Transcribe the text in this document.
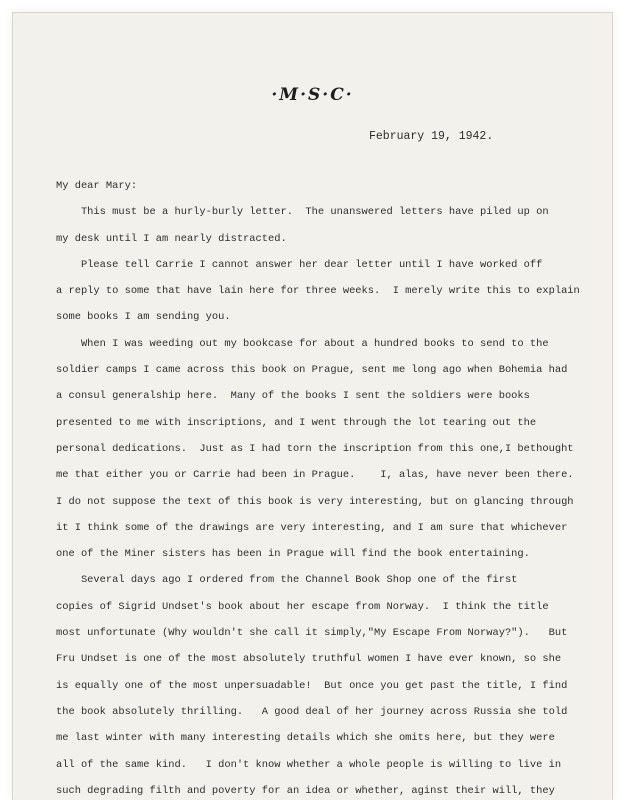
·M·S·C·
February 19, 1942.
My dear Mary:
This must be a hurly-burly letter.  The unanswered letters have piled up on
my desk until I am nearly distracted.
Please tell Carrie I cannot answer her dear letter until I have worked off
a reply to some that have lain here for three weeks.  I merely write this to explain
some books I am sending you.
When I was weeding out my bookcase for about a hundred books to send to the
soldier camps I came across this book on Prague, sent me long ago when Bohemia had
a consul generalship here.  Many of the books I sent the soldiers were books
presented to me with inscriptions, and I went through the lot tearing out the
personal dedications.  Just as I had torn the inscription from this one,I bethought
me that either you or Carrie had been in Prague.    I, alas, have never been there.
I do not suppose the text of this book is very interesting, but on glancing through
it I think some of the drawings are very interesting, and I am sure that whichever
one of the Miner sisters has been in Prague will find the book entertaining.
Several days ago I ordered from the Channel Book Shop one of the first
copies of Sigrid Undset's book about her escape from Norway.  I think the title
most unfortunate (Why wouldn't she call it simply,"My Escape From Norway?").   But
Fru Undset is one of the most absolutely truthful women I have ever known, so she
is equally one of the most unpersuadable!  But once you get past the title, I find
the book absolutely thrilling.   A good deal of her journey across Russia she told
me last winter with many interesting details which she omits here, but they were
all of the same kind.   I don't know whether a whole people is willing to live in
such degrading filth and poverty for an idea or whether, aginst their will, they
